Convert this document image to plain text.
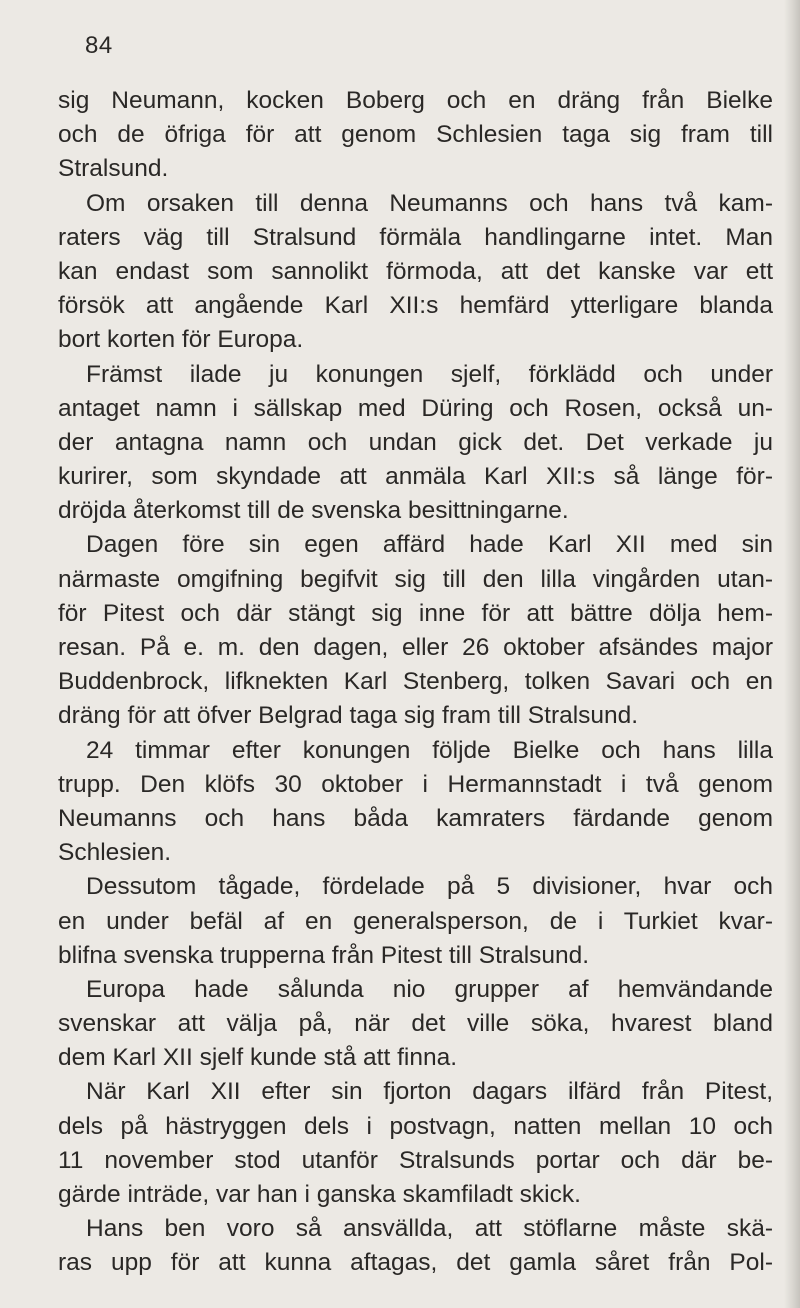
84
sig Neumann, kocken Boberg och en dräng från Bielke
och de öfriga för att genom Schlesien taga sig fram till
Stralsund.
Om orsaken till denna Neumanns och hans två kam-
raters väg till Stralsund förmäla handlingarne intet. Man
kan endast som sannolikt förmoda, att det kanske var ett
försök att angående Karl XII:s hemfärd ytterligare blanda
bort korten för Europa.
Främst ilade ju konungen sjelf, förklädd och under
antaget namn i sällskap med Düring och Rosen, också un-
der antagna namn och undan gick det. Det verkade ju
kurirer, som skyndade att anmäla Karl XII:s så länge för-
dröjda återkomst till de svenska besittningarne.
Dagen före sin egen affärd hade Karl XII med sin
närmaste omgifning begifvit sig till den lilla vingården utan-
för Pitest och där stängt sig inne för att bättre dölja hem-
resan. På e. m. den dagen, eller 26 oktober afsändes major
Buddenbrock, lifknekten Karl Stenberg, tolken Savari och en
dräng för att öfver Belgrad taga sig fram till Stralsund.
24 timmar efter konungen följde Bielke och hans lilla
trupp. Den klöfs 30 oktober i Hermannstadt i två genom
Neumanns och hans båda kamraters färdande genom
Schlesien.
Dessutom tågade, fördelade på 5 divisioner, hvar och
en under befäl af en generalsperson, de i Turkiet kvar-
blifna svenska trupperna från Pitest till Stralsund.
Europa hade sålunda nio grupper af hemvändande
svenskar att välja på, när det ville söka, hvarest bland
dem Karl XII sjelf kunde stå att finna.
När Karl XII efter sin fjorton dagars ilfärd från Pitest,
dels på hästryggen dels i postvagn, natten mellan 10 och
11 november stod utanför Stralsunds portar och där be-
gärde inträde, var han i ganska skamfiladt skick.
Hans ben voro så ansvällda, att stöflarne måste skä-
ras upp för att kunna aftagas, det gamla såret från Pol-
